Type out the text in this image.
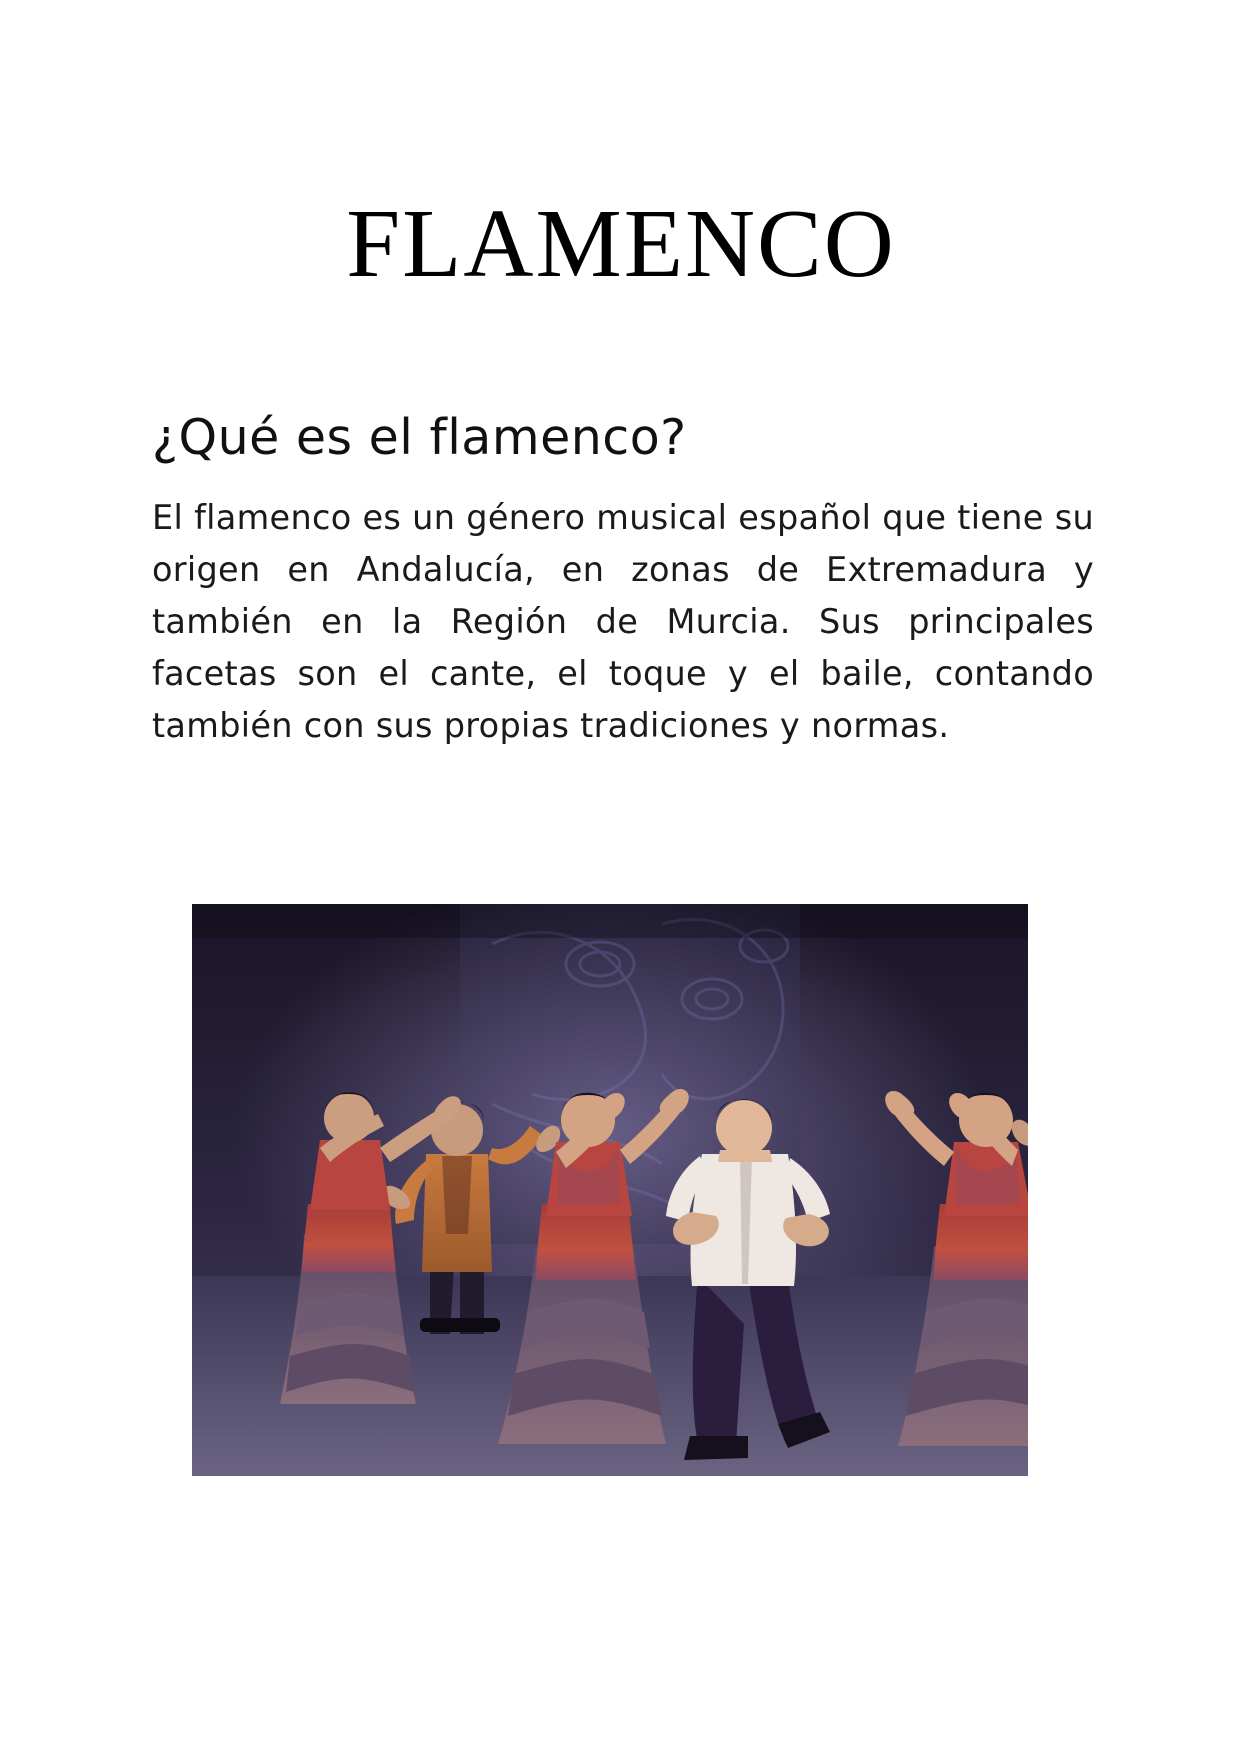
FLAMENCO
¿Qué es el flamenco?

El flamenco es un género musical español que tiene su origen en Andalucía, en zonas de Extremadura y también en la Región de Murcia. Sus principales facetas son el cante, el toque y el baile, contando también con sus propias tradiciones y normas.
